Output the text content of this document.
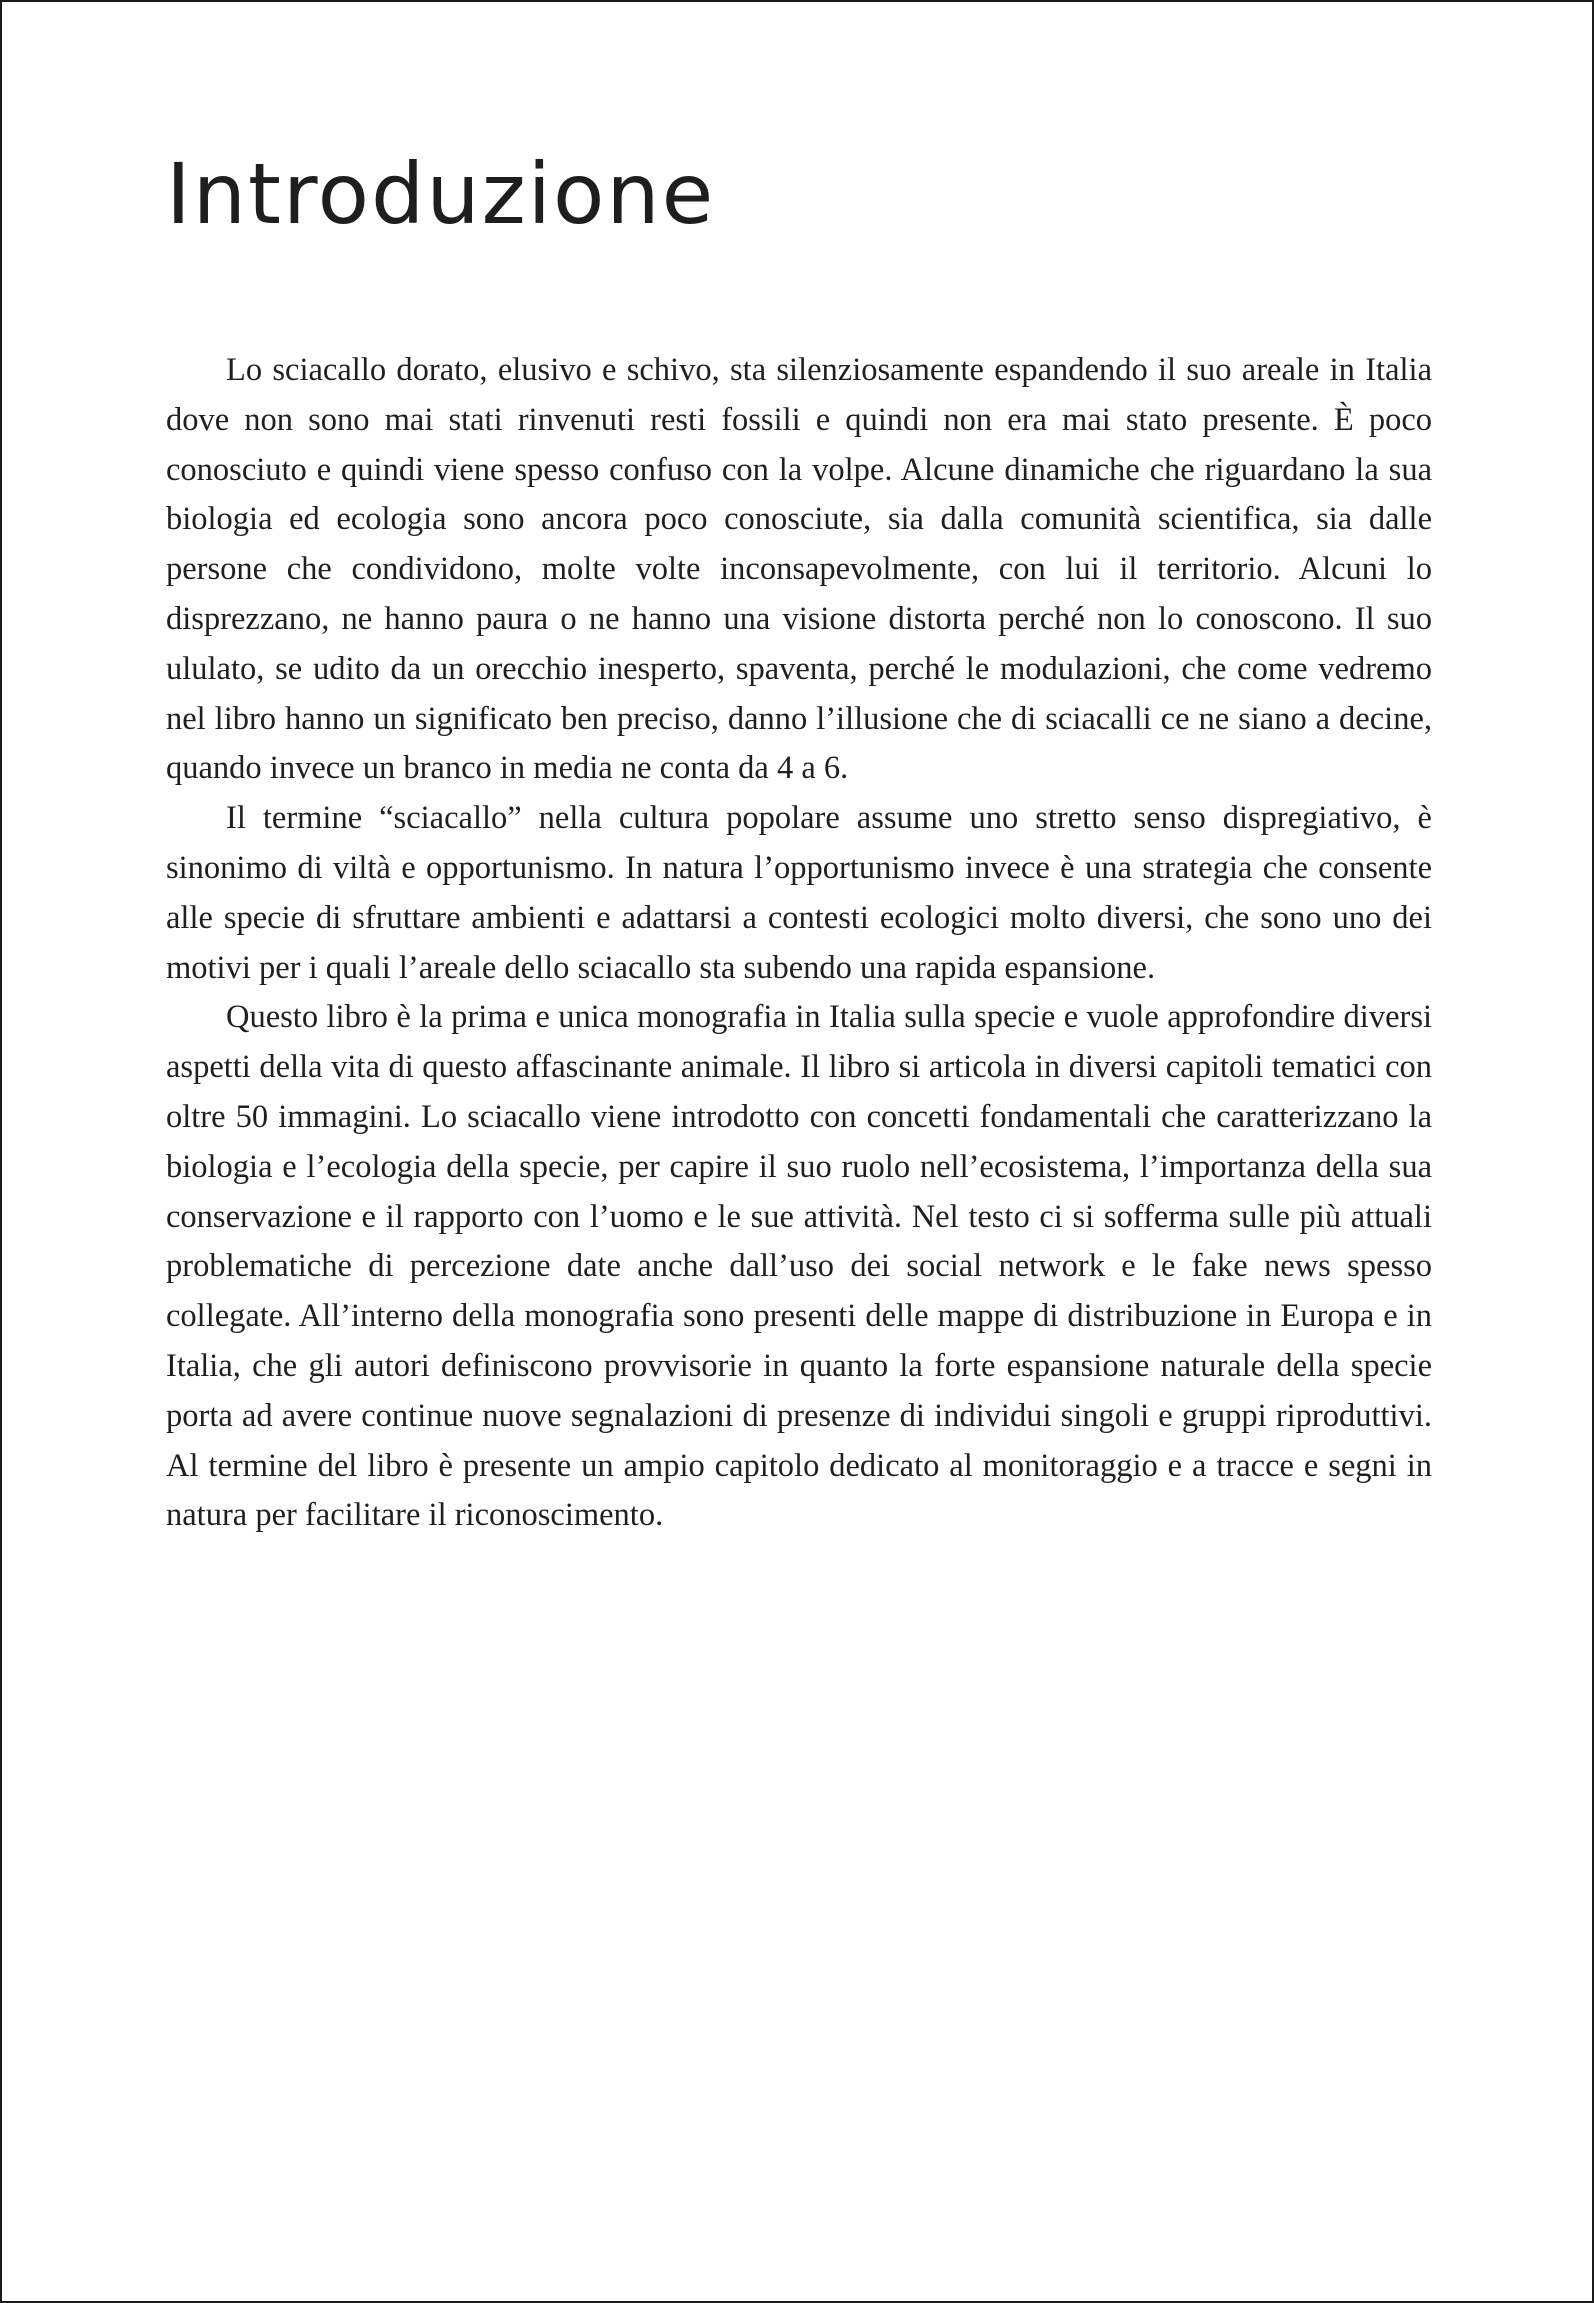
Introduzione

Lo sciacallo dorato, elusivo e schivo, sta silenziosamente espandendo il suo areale in Italia dove non sono mai stati rinvenuti resti fossili e quindi non era mai stato presente. È poco conosciuto e quindi viene spesso confuso con la volpe. Alcune dinamiche che riguardano la sua biologia ed ecologia sono ancora poco conosciute, sia dalla comunità scientifica, sia dalle persone che condividono, molte volte inconsapevolmente, con lui il territorio. Alcuni lo disprezzano, ne hanno paura o ne hanno una visione distorta perché non lo conoscono. Il suo ululato, se udito da un orecchio inesperto, spaventa, perché le modulazioni, che come vedremo nel libro hanno un significato ben preciso, danno l’illusione che di sciacalli ce ne siano a decine, quando invece un branco in media ne conta da 4 a 6.

Il termine “sciacallo” nella cultura popolare assume uno stretto senso dispregiativo, è sinonimo di viltà e opportunismo. In natura l’opportunismo invece è una strategia che consente alle specie di sfruttare ambienti e adattarsi a contesti ecologici molto diversi, che sono uno dei motivi per i quali l’areale dello sciacallo sta subendo una rapida espansione.

Questo libro è la prima e unica monografia in Italia sulla specie e vuole approfondire diversi aspetti della vita di questo affascinante animale. Il libro si articola in diversi capitoli tematici con oltre 50 immagini. Lo sciacallo viene introdotto con concetti fondamentali che caratterizzano la biologia e l’ecologia della specie, per capire il suo ruolo nell’ecosistema, l’importanza della sua conservazione e il rapporto con l’uomo e le sue attività. Nel testo ci si sofferma sulle più attuali problematiche di percezione date anche dall’uso dei social network e le fake news spesso collegate. All’interno della monografia sono presenti delle mappe di distribuzione in Europa e in Italia, che gli autori definiscono provvisorie in quanto la forte espansione naturale della specie porta ad avere continue nuove segnalazioni di presenze di individui singoli e gruppi riproduttivi. Al termine del libro è presente un ampio capitolo dedicato al monitoraggio e a tracce e segni in natura per facilitare il riconoscimento.
